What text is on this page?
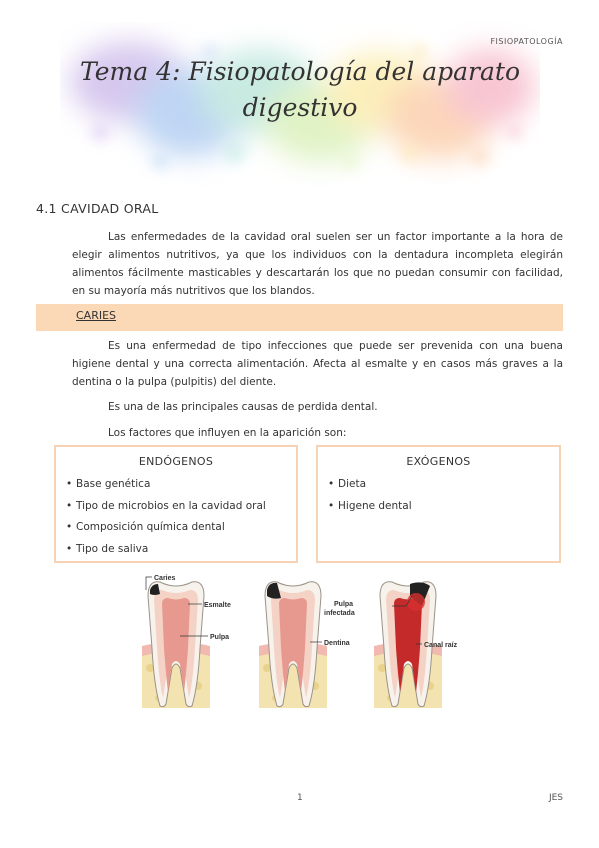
FISIOPATOLOGÍA
Tema 4: Fisiopatología del aparato
digestivo
4.1 CAVIDAD ORAL

Las enfermedades de la cavidad oral suelen ser un factor importante a la hora de elegir alimentos nutritivos, ya que los individuos con la dentadura incompleta elegirán alimentos fácilmente masticables y descartarán los que no puedan consumir con facilidad, en su mayoría más nutritivos que los blandos.

CARIES

Es una enfermedad de tipo infecciones que puede ser prevenida con una buena higiene dental y una correcta alimentación. Afecta al esmalte y en casos más graves a la dentina o la pulpa (pulpitis) del diente.

Es una de las principales causas de perdida dental.

Los factores que influyen en la aparición son:

ENDÓGENOS
• Base genética
• Tipo de microbios en la cavidad oral
• Composición química dental
• Tipo de saliva
EXÓGENOS
• Dieta
• Higene dental
Caries
Esmalte
Pulpa
Dentina
Pulpa
infectada
Canal raíz
1	JES
